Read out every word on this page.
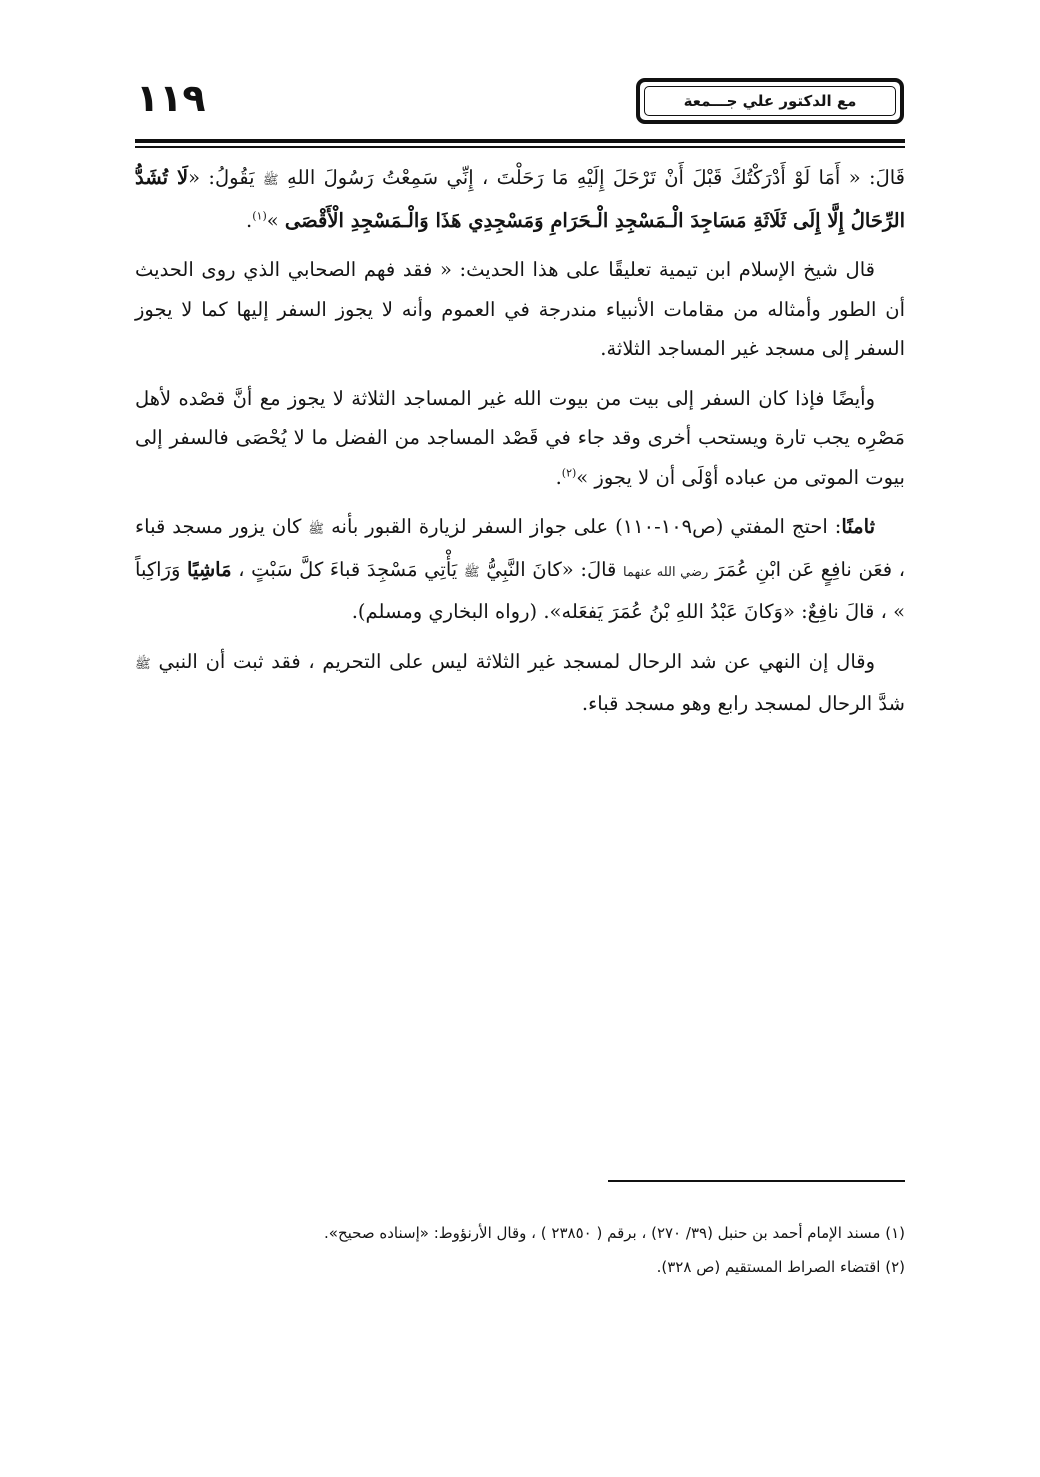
١١٩	مع الدكتور علي جـــمعة

قَالَ: « أَمَا لَوْ أَدْرَكْتُكَ قَبْلَ أَنْ تَرْحَلَ إِلَيْهِ مَا رَحَلْتَ ، إِنِّي سَمِعْتُ رَسُولَ اللهِ ﷺ يَقُولُ: «لَا تُشَدُّ الرِّحَالُ إِلَّا إِلَى ثَلَاثَةِ مَسَاجِدَ الْـمَسْجِدِ الْـحَرَامِ وَمَسْجِدِي هَذَا وَالْـمَسْجِدِ الْأَقْصَى »$^{(١)}$.

قال شيخ الإسلام ابن تيمية تعليقًا على هذا الحديث: « فقد فهم الصحابي الذي روى الحديث أن الطور وأمثاله من مقامات الأنبياء مندرجة في العموم وأنه لا يجوز السفر إليها كما لا يجوز السفر إلى مسجد غير المساجد الثلاثة.

وأيضًا فإذا كان السفر إلى بيت من بيوت الله غير المساجد الثلاثة لا يجوز مع أنَّ قصْده لأهل مَصْرِه يجب تارة ويستحب أخرى وقد جاء في قَصْد المساجد من الفضل ما لا يُحْصَى فالسفر إلى بيوت الموتى من عباده أوْلَى أن لا يجوز »$^{(٢)}$.

ثامنًا: احتج المفتي (ص١٠٩-١١٠) على جواز السفر لزيارة القبور بأنه ﷺ كان يزور مسجد قباء ، فعَن نافِعٍ عَن ابْنِ عُمَرَ رضي الله عنهما قالَ: «كانَ النَّبِيُّ ﷺ يَأْتِي مَسْجِدَ قباءَ كلَّ سَبْتٍ ، مَاشِيًا وَرَاكِباً » ، قالَ نافِعٌ: «وَكانَ عَبْدُ اللهِ بْنُ عُمَرَ يَفعَله». (رواه البخاري ومسلم).

وقال إن النهي عن شد الرحال لمسجد غير الثلاثة ليس على التحريم ، فقد ثبت أن النبي ﷺ شدَّ الرحال لمسجد رابع وهو مسجد قباء.

(١) مسند الإمام أحمد بن حنبل (٣٩/ ٢٧٠) ، برقم ( ٢٣٨٥٠ ) ، وقال الأرنؤوط: «إسناده صحيح».

(٢) اقتضاء الصراط المستقيم (ص ٣٢٨).
